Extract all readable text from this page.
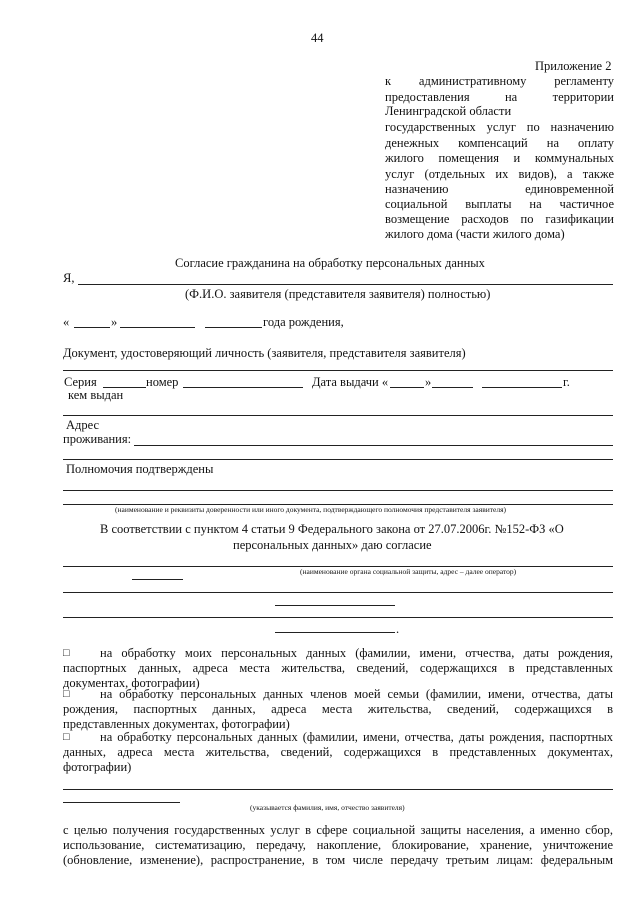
44
Приложение 2
к административному регламенту
предоставления на территории
Ленинградской области
государственных услуг по назначению
денежных компенсаций на оплату
жилого помещения и коммунальных
услуг (отдельных их видов), а также
назначению единовременной
социальной выплаты на частичное
возмещение расходов по газификации
жилого дома (части жилого дома)
Согласие гражданина на обработку персональных данных
Я,
(Ф.И.О. заявителя (представителя заявителя) полностью)
«	»	года рождения,
Документ, удостоверяющий личность (заявителя, представителя заявителя)
Серия	номер	Дата выдачи «	»	г.
кем выдан
Адрес
проживания:
Полномочия подтверждены
(наименование и реквизиты доверенности или иного документа, подтверждающего полномочия представителя заявителя)
В соответствии с пунктом 4 статьи 9 Федерального закона от 27.07.2006г. №152-ФЗ «О
персональных данных» даю согласие
(наименование органа социальной защиты, адрес – далее оператор)
.
□ на обработку моих персональных данных (фамилии, имени, отчества, даты рождения,
паспортных данных, адреса места жительства, сведений, содержащихся в представленных
документах, фотографии)
□ на обработку персональных данных членов моей семьи (фамилии, имени, отчества, даты
рождения, паспортных данных, адреса места жительства, сведений, содержащихся в
представленных документах, фотографии)
□ на обработку персональных данных (фамилии, имени, отчества, даты рождения, паспортных
данных, адреса места жительства, сведений, содержащихся в представленных документах,
фотографии)
(указывается фамилия, имя, отчество заявителя)
с целью получения государственных услуг в сфере социальной защиты населения, а именно сбор,
использование, систематизацию, передачу, накопление, блокирование, хранение, уничтожение
(обновление, изменение), распространение, в том числе передачу третьим лицам: федеральным
